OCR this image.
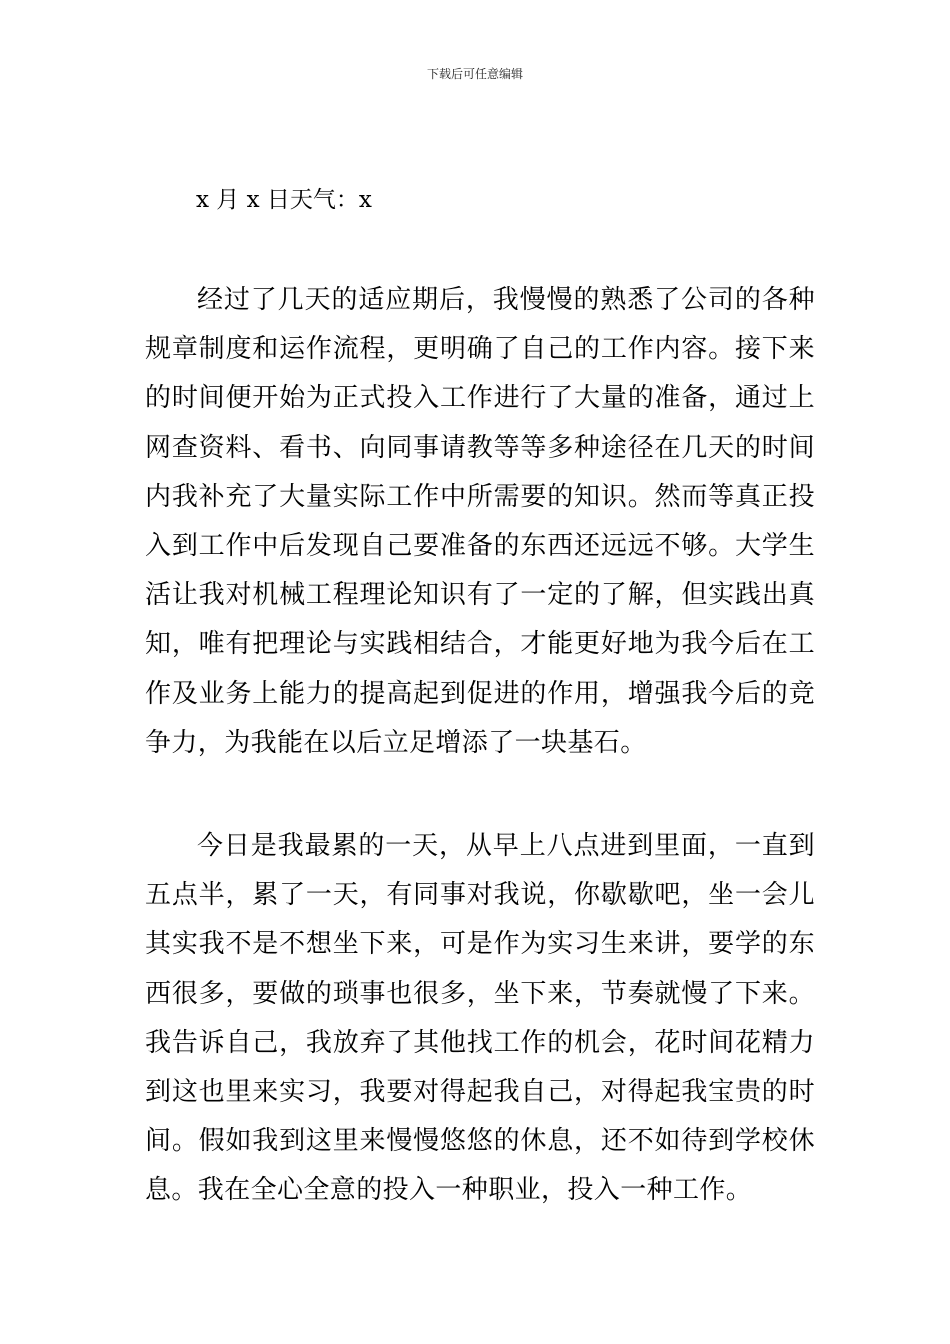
下载后可任意编辑
x 月 x 日天气：x

经过了几天的适应期后，我慢慢的熟悉了公司的各种规章制度和运作流程，更明确了自己的工作内容。接下来的时间便开始为正式投入工作进行了大量的准备，通过上网查资料、看书、向同事请教等等多种途径在几天的时间内我补充了大量实际工作中所需要的知识。然而等真正投入到工作中后发现自己要准备的东西还远远不够。大学生活让我对机械工程理论知识有了一定的了解，但实践出真知，唯有把理论与实践相结合，才能更好地为我今后在工作及业务上能力的提高起到促进的作用，增强我今后的竞争力，为我能在以后立足增添了一块基石。

今日是我最累的一天，从早上八点进到里面，一直到五点半，累了一天，有同事对我说，你歇歇吧，坐一会儿其实我不是不想坐下来，可是作为实习生来讲，要学的东西很多，要做的琐事也很多，坐下来，节奏就慢了下来。我告诉自己，我放弃了其他找工作的机会，花时间花精力到这也里来实习，我要对得起我自己，对得起我宝贵的时间。假如我到这里来慢慢悠悠的休息，还不如待到学校休息。我在全心全意的投入一种职业，投入一种工作。
